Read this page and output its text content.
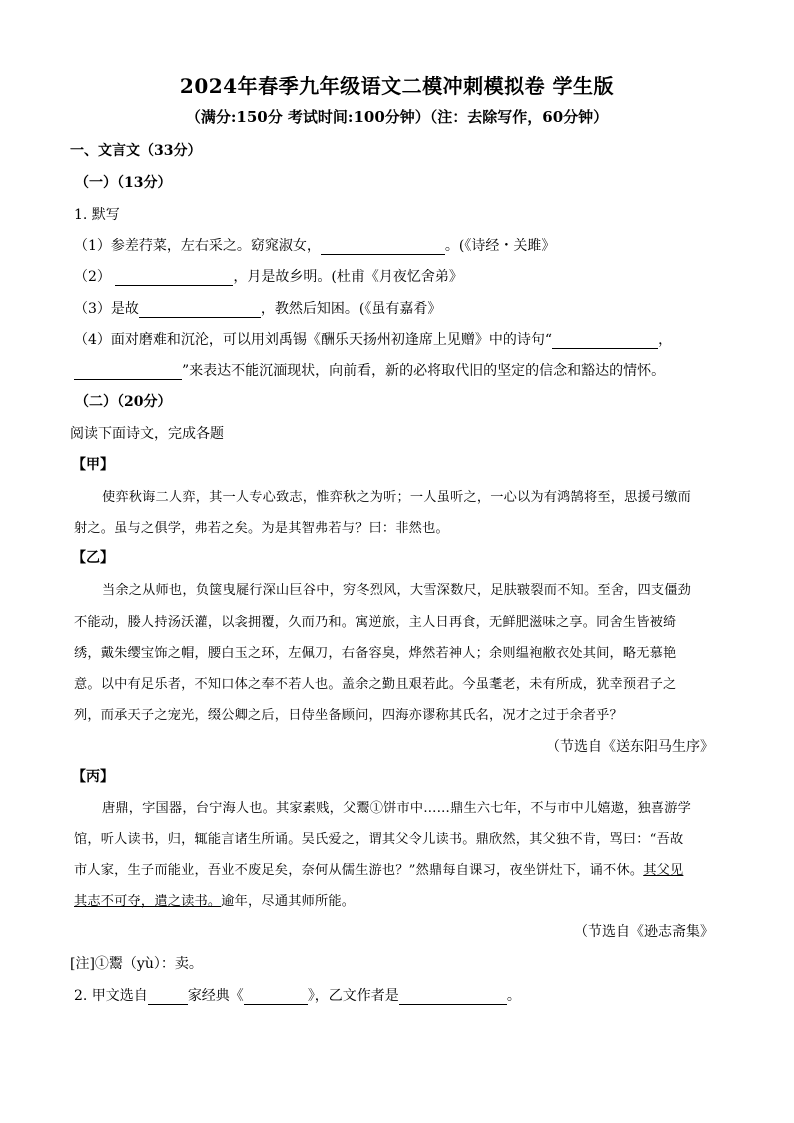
2024年春季九年级语文二模冲刺模拟卷 学生版
（满分:150分 考试时间:100分钟）（注：去除写作，60分钟）
一、文言文（33分）
（一）（13分）
1. 默写
（1）参差荇菜，左右采之。窈窕淑女，	。(《诗经・关雎》
（2）	，月是故乡明。(杜甫《月夜忆舍弟》
（3）是故	，教然后知困。(《虽有嘉肴》
（4）面对磨难和沉沦，可以用刘禹锡《酬乐天扬州初逢席上见赠》中的诗句“	，
”来表达不能沉湎现状，向前看，新的必将取代旧的坚定的信念和豁达的情怀。
（二）（20分）
阅读下面诗文，完成各题
【甲】
使弈秋诲二人弈，其一人专心致志，惟弈秋之为听；一人虽听之，一心以为有鸿鹄将至，思援弓缴而
射之。虽与之俱学，弗若之矣。为是其智弗若与？曰：非然也。
【乙】
当余之从师也，负箧曳屣行深山巨谷中，穷冬烈风，大雪深数尺，足肤皲裂而不知。至舍，四支僵劲
不能动，媵人持汤沃灌，以衾拥覆，久而乃和。寓逆旅，主人日再食，无鲜肥滋味之享。同舍生皆被绮
绣，戴朱缨宝饰之帽，腰白玉之环，左佩刀，右备容臭，烨然若神人；余则缊袍敝衣处其间，略无慕艳
意。以中有足乐者，不知口体之奉不若人也。盖余之勤且艰若此。今虽耄老，未有所成，犹幸预君子之
列，而承天子之宠光，缀公卿之后，日侍坐备顾问，四海亦谬称其氏名，况才之过于余者乎？
（节选自《送东阳马生序》
【丙】
唐鼎，字国器，台宁海人也。其家素贱，父鬻①饼市中……鼎生六七年，不与市中儿嬉遨，独喜游学
馆，听人读书，归，辄能言诸生所诵。吴氏爱之，谓其父令儿读书。鼎欣然，其父独不肯，骂曰：“吾故
市人家，生子而能业，吾业不废足矣，奈何从儒生游也？”然鼎每自课习，夜坐饼灶下，诵不休。其父见
其志不可夺，遣之读书。逾年，尽通其师所能。
（节选自《逊志斋集》
[注]①鬻（yù）：卖。
2. 甲文选自	家经典《	》，乙文作者是	。
